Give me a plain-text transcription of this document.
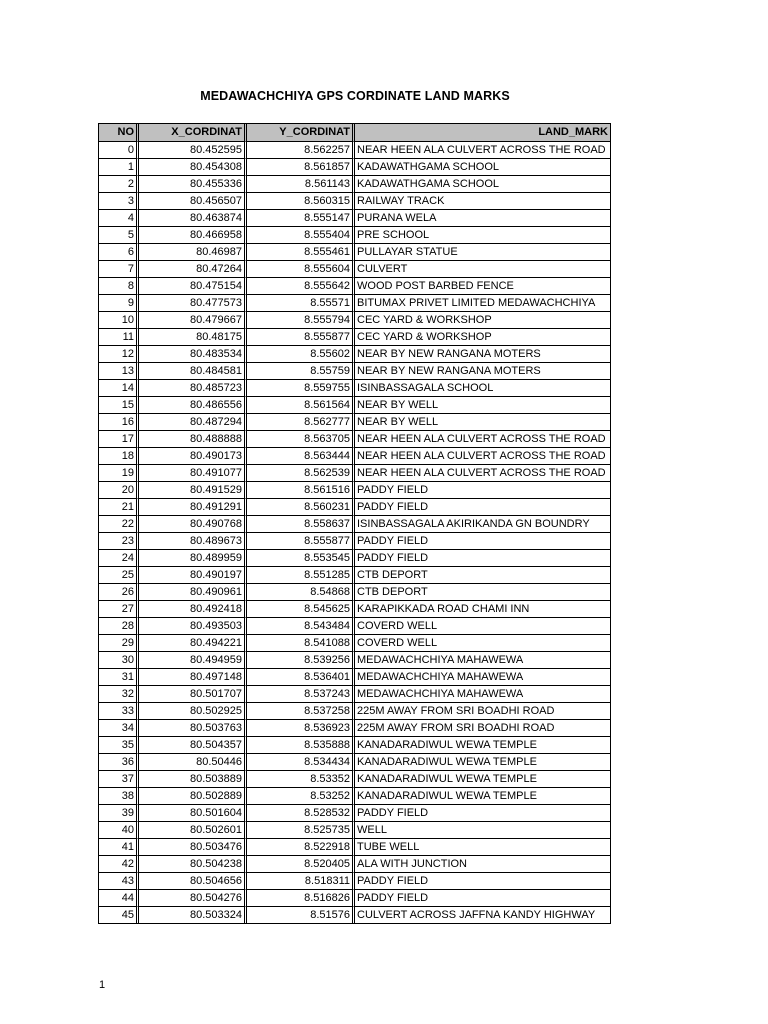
MEDAWACHCHIYA GPS CORDINATE LAND MARKS
NO	X_CORDINAT	Y_CORDINAT	LAND_MARK
0	80.452595	8.562257	NEAR HEEN ALA CULVERT ACROSS THE ROAD
1	80.454308	8.561857	KADAWATHGAMA SCHOOL
2	80.455336	8.561143	KADAWATHGAMA SCHOOL
3	80.456507	8.560315	RAILWAY TRACK
4	80.463874	8.555147	PURANA WELA
5	80.466958	8.555404	PRE SCHOOL
6	80.46987	8.555461	PULLAYAR STATUE
7	80.47264	8.555604	CULVERT
8	80.475154	8.555642	WOOD POST BARBED FENCE
9	80.477573	8.55571	BITUMAX PRIVET LIMITED MEDAWACHCHIYA
10	80.479667	8.555794	CEC YARD & WORKSHOP
11	80.48175	8.555877	CEC YARD & WORKSHOP
12	80.483534	8.55602	NEAR BY NEW RANGANA MOTERS
13	80.484581	8.55759	NEAR BY NEW RANGANA MOTERS
14	80.485723	8.559755	ISINBASSAGALA SCHOOL
15	80.486556	8.561564	NEAR BY WELL
16	80.487294	8.562777	NEAR BY WELL
17	80.488888	8.563705	NEAR HEEN ALA CULVERT ACROSS THE ROAD
18	80.490173	8.563444	NEAR HEEN ALA CULVERT ACROSS THE ROAD
19	80.491077	8.562539	NEAR HEEN ALA CULVERT ACROSS THE ROAD
20	80.491529	8.561516	PADDY FIELD
21	80.491291	8.560231	PADDY FIELD
22	80.490768	8.558637	ISINBASSAGALA AKIRIKANDA GN BOUNDRY
23	80.489673	8.555877	PADDY FIELD
24	80.489959	8.553545	PADDY FIELD
25	80.490197	8.551285	CTB DEPORT
26	80.490961	8.54868	CTB DEPORT
27	80.492418	8.545625	KARAPIKKADA ROAD CHAMI INN
28	80.493503	8.543484	COVERD WELL
29	80.494221	8.541088	COVERD WELL
30	80.494959	8.539256	MEDAWACHCHIYA MAHAWEWA
31	80.497148	8.536401	MEDAWACHCHIYA MAHAWEWA
32	80.501707	8.537243	MEDAWACHCHIYA MAHAWEWA
33	80.502925	8.537258	225M AWAY FROM SRI BOADHI ROAD
34	80.503763	8.536923	225M AWAY FROM SRI BOADHI ROAD
35	80.504357	8.535888	KANADARADIWUL WEWA TEMPLE
36	80.50446	8.534434	KANADARADIWUL WEWA TEMPLE
37	80.503889	8.53352	KANADARADIWUL WEWA TEMPLE
38	80.502889	8.53252	KANADARADIWUL WEWA TEMPLE
39	80.501604	8.528532	PADDY FIELD
40	80.502601	8.525735	WELL
41	80.503476	8.522918	TUBE WELL
42	80.504238	8.520405	ALA WITH JUNCTION
43	80.504656	8.518311	PADDY FIELD
44	80.504276	8.516826	PADDY FIELD
45	80.503324	8.51576	CULVERT ACROSS JAFFNA KANDY HIGHWAY
1
